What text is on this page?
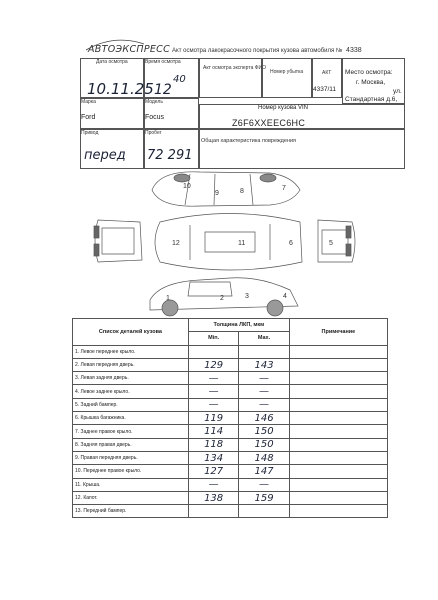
АВТОЭКСПРЕСС Акт осмотра лакокрасочного покрытия кузова автомобиля № 4338
Дата осмотра
10.11.25
Время осмотра
12
40
Акт осмотра эксперта ФИО
Номер убытка	АКТ
4337/11
Место осмотра:
г. Москва,
ул.
Стандартная д.6,
Марка
Ford
Модель
Focus
Номер кузова VIN
Z6F6XXEEC6HC
Привод
перед
Пробег
72 291
Общая характеристика повреждения
10
9	8	7
12	11	6	5
4
3
1	2
Список деталей кузова	Толщина ЛКП, мкм		Примечание
	Min.	Max.	
1. Левое переднее крыло.			
2. Левая передняя дверь.	129	143	
3. Левая задняя дверь.	—	—	
4. Левое заднее крыло.	—	—	
5. Задний бампер.	—	—	
6. Крышка багажника.	119	146	
7. Заднее правое крыло.	114	150	
8. Задняя правая дверь.	118	150	
9. Правая передняя дверь.	134	148	
10. Переднее правое крыло.	127	147	
11. Крыша.	—	—	
12. Капот.	138	159	
13. Передний бампер.			
